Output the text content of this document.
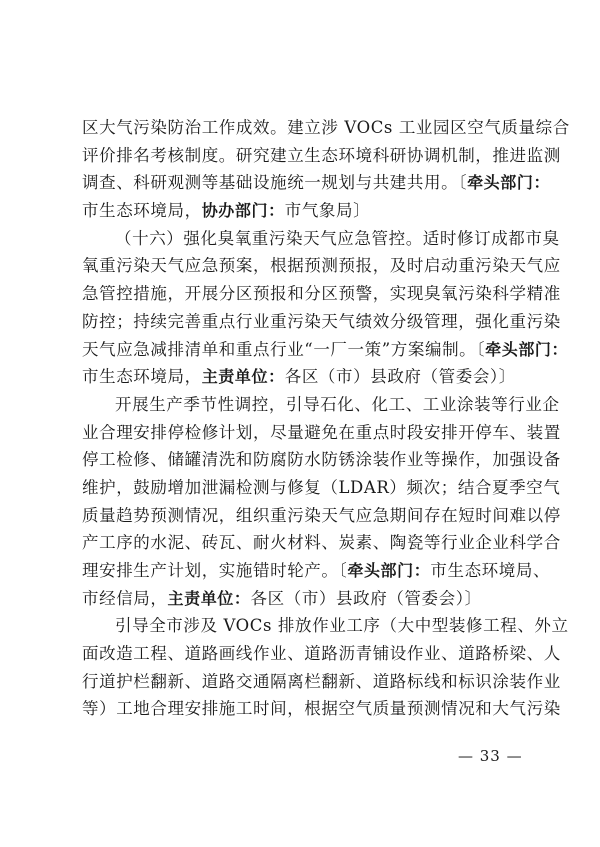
区大气污染防治工作成效。建立涉 VOCs 工业园区空气质量综合
评价排名考核制度。研究建立生态环境科研协调机制，推进监测
调查、科研观测等基础设施统一规划与共建共用。〔牵头部门：
市生态环境局，协办部门：市气象局〕
（十六）强化臭氧重污染天气应急管控。适时修订成都市臭
氧重污染天气应急预案，根据预测预报，及时启动重污染天气应
急管控措施，开展分区预报和分区预警，实现臭氧污染科学精准
防控；持续完善重点行业重污染天气绩效分级管理，强化重污染
天气应急减排清单和重点行业“一厂一策”方案编制。〔牵头部门：
市生态环境局，主责单位：各区（市）县政府（管委会）〕
开展生产季节性调控，引导石化、化工、工业涂装等行业企
业合理安排停检修计划，尽量避免在重点时段安排开停车、装置
停工检修、储罐清洗和防腐防水防锈涂装作业等操作，加强设备
维护，鼓励增加泄漏检测与修复（LDAR）频次；结合夏季空气
质量趋势预测情况，组织重污染天气应急期间存在短时间难以停
产工序的水泥、砖瓦、耐火材料、炭素、陶瓷等行业企业科学合
理安排生产计划，实施错时轮产。〔牵头部门：市生态环境局、
市经信局，主责单位：各区（市）县政府（管委会）〕
引导全市涉及 VOCs 排放作业工序（大中型装修工程、外立
面改造工程、道路画线作业、道路沥青铺设作业、道路桥梁、人
行道护栏翻新、道路交通隔离栏翻新、道路标线和标识涂装作业
等）工地合理安排施工时间，根据空气质量预测情况和大气污染
— 33 —
